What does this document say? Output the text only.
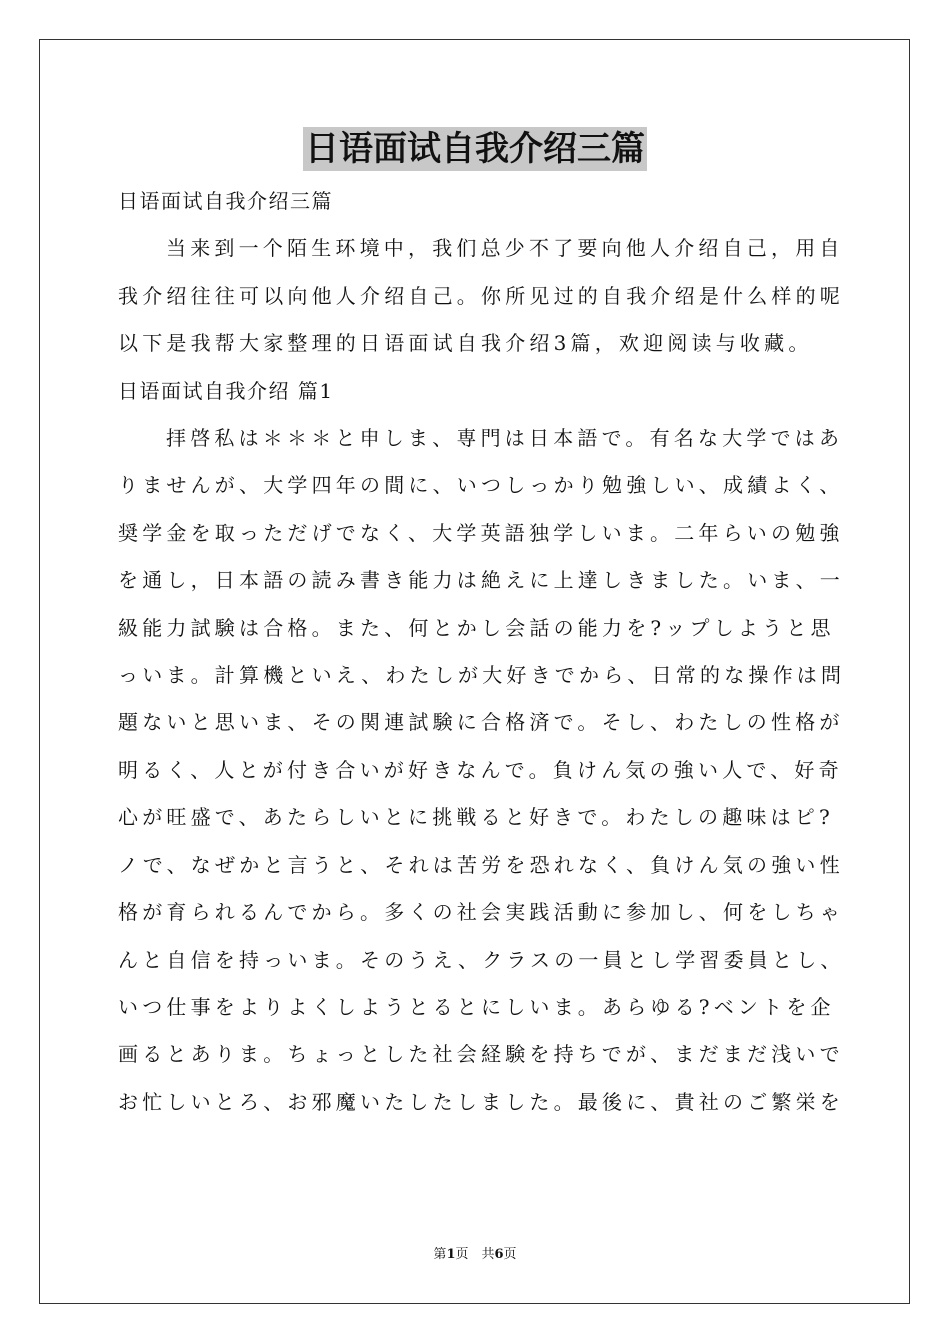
日语面试自我介绍三篇
日语面试自我介绍三篇
当来到一个陌生环境中，我们总少不了要向他人介绍自己，用自
我介绍往往可以向他人介绍自己。你所见过的自我介绍是什么样的呢
以下是我帮大家整理的日语面试自我介绍3篇，欢迎阅读与收藏。
日语面试自我介绍 篇1
拝啓私は＊＊＊と申しま、専門は日本語で。有名な大学ではあ
りませんが、大学四年の間に、いつしっかり勉強しい、成績よく、
奨学金を取っただげでなく、大学英語独学しいま。二年らいの勉強
を通し，日本語の読み書き能力は絶えに上達しきました。いま、一
級能力試験は合格。また、何とかし会話の能力を?ップしようと思
っいま。計算機といえ、わたしが大好きでから、日常的な操作は問
題ないと思いま、その関連試験に合格済で。そし、わたしの性格が
明るく、人とが付き合いが好きなんで。負けん気の強い人で、好奇
心が旺盛で、あたらしいとに挑戦ると好きで。わたしの趣味はピ?
ノで、なぜかと言うと、それは苦労を恐れなく、負けん気の強い性
格が育られるんでから。多くの社会実践活動に参加し、何をしちゃ
んと自信を持っいま。そのうえ、クラスの一員とし学習委員とし、
いつ仕事をよりよくしようとるとにしいま。あらゆる?ベントを企
画るとありま。ちょっとした社会経験を持ちでが、まだまだ浅いで
お忙しいとろ、お邪魔いたしたしました。最後に、貴社のご繁栄を
第1页　共6页
